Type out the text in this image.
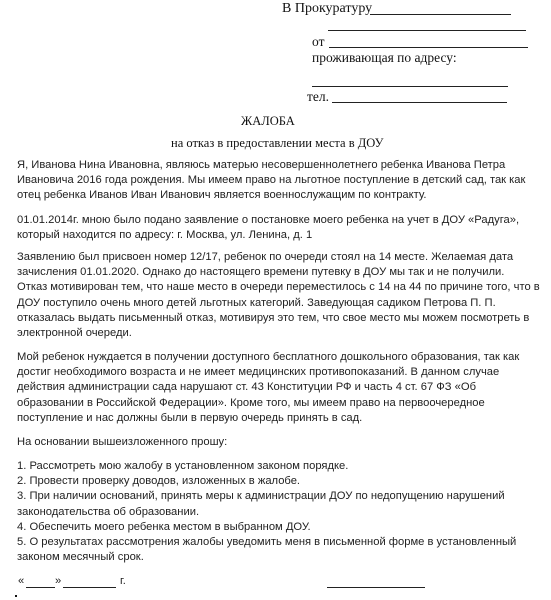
В Прокуратуру
от
проживающая по адресу:
тел.
ЖАЛОБА
на отказ в предоставлении места в ДОУ
Я, Иванова Нина Ивановна, являюсь матерью несовершеннолетнего ребенка Иванова Петра
Ивановича 2016 года рождения. Мы имеем право на льготное поступление в детский сад, так как
отец ребенка Иванов Иван Иванович является военнослужащим по контракту.
01.01.2014г. мною было подано заявление о постановке моего ребенка на учет в ДОУ «Радуга»,
который находится по адресу: г. Москва, ул. Ленина, д. 1
Заявлению был присвоен номер 12/17, ребенок по очереди стоял на 14 месте. Желаемая дата
зачисления 01.01.2020. Однако до настоящего времени путевку в ДОУ мы так и не получили.
Отказ мотивирован тем, что наше место в очереди переместилось с 14 на 44 по причине того, что в
ДОУ поступило очень много детей льготных категорий. Заведующая садиком Петрова П. П.
отказалась выдать письменный отказ, мотивируя это тем, что свое место мы можем посмотреть в
электронной очереди.
Мой ребенок нуждается в получении доступного бесплатного дошкольного образования, так как
достиг необходимого возраста и не имеет медицинских противопоказаний. В данном случае
действия администрации сада нарушают ст. 43 Конституции РФ и часть 4 ст. 67 ФЗ «Об
образовании в Российской Федерации». Кроме того, мы имеем право на первоочередное
поступление и нас должны были в первую очередь принять в сад.
На основании вышеизложенного прошу:
1. Рассмотреть мою жалобу в установленном законом порядке.
2. Провести проверку доводов, изложенных в жалобе.
3. При наличии оснований, принять меры к администрации ДОУ по недопущению нарушений
законодательства об образовании.
4. Обеспечить моего ребенка местом в выбранном ДОУ.
5. О результатах рассмотрения жалобы уведомить меня в письменной форме в установленный
законом месячный срок.
«	»	г.
